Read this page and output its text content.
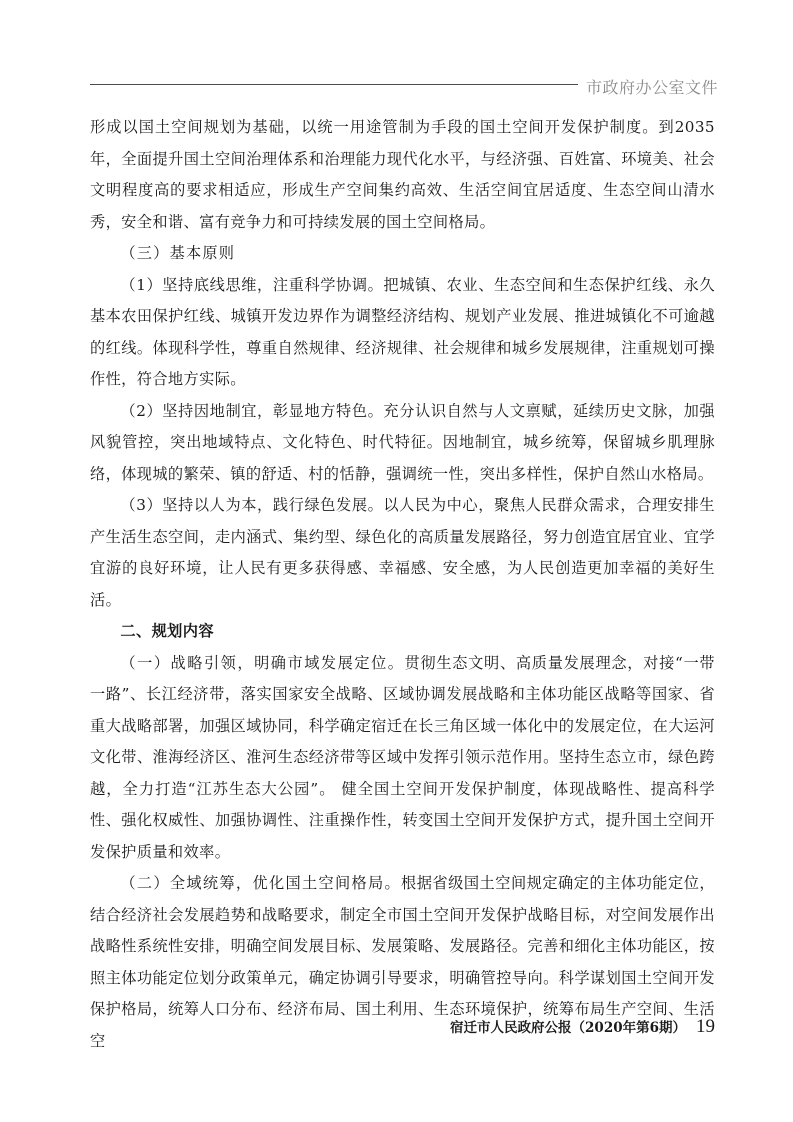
市政府办公室文件

形成以国土空间规划为基础，以统一用途管制为手段的国土空间开发保护制度。到2035年，全面提升国土空间治理体系和治理能力现代化水平，与经济强、百姓富、环境美、社会文明程度高的要求相适应，形成生产空间集约高效、生活空间宜居适度、生态空间山清水秀，安全和谐、富有竞争力和可持续发展的国土空间格局。

（三）基本原则

（1）坚持底线思维，注重科学协调。把城镇、农业、生态空间和生态保护红线、永久基本农田保护红线、城镇开发边界作为调整经济结构、规划产业发展、推进城镇化不可逾越的红线。体现科学性，尊重自然规律、经济规律、社会规律和城乡发展规律，注重规划可操作性，符合地方实际。

（2）坚持因地制宜，彰显地方特色。充分认识自然与人文禀赋，延续历史文脉，加强风貌管控，突出地域特点、文化特色、时代特征。因地制宜，城乡统筹，保留城乡肌理脉络，体现城的繁荣、镇的舒适、村的恬静，强调统一性，突出多样性，保护自然山水格局。

（3）坚持以人为本，践行绿色发展。以人民为中心，聚焦人民群众需求，合理安排生产生活生态空间，走内涵式、集约型、绿色化的高质量发展路径，努力创造宜居宜业、宜学宜游的良好环境，让人民有更多获得感、幸福感、安全感，为人民创造更加幸福的美好生活。

二、规划内容

（一）战略引领，明确市域发展定位。贯彻生态文明、高质量发展理念，对接“一带一路”、长江经济带，落实国家安全战略、区域协调发展战略和主体功能区战略等国家、省重大战略部署，加强区域协同，科学确定宿迁在长三角区域一体化中的发展定位，在大运河文化带、淮海经济区、淮河生态经济带等区域中发挥引领示范作用。坚持生态立市，绿色跨越，全力打造“江苏生态大公园”。 健全国土空间开发保护制度，体现战略性、提高科学性、强化权威性、加强协调性、注重操作性，转变国土空间开发保护方式，提升国土空间开发保护质量和效率。

（二）全域统筹，优化国土空间格局。根据省级国土空间规定确定的主体功能定位，结合经济社会发展趋势和战略要求，制定全市国土空间开发保护战略目标，对空间发展作出战略性系统性安排，明确空间发展目标、发展策略、发展路径。完善和细化主体功能区，按照主体功能定位划分政策单元，确定协调引导要求，明确管控导向。科学谋划国土空间开发保护格局，统筹人口分布、经济布局、国土利用、生态环境保护，统筹布局生产空间、生活空

宿迁市人民政府公报（2020年第6期） 19
